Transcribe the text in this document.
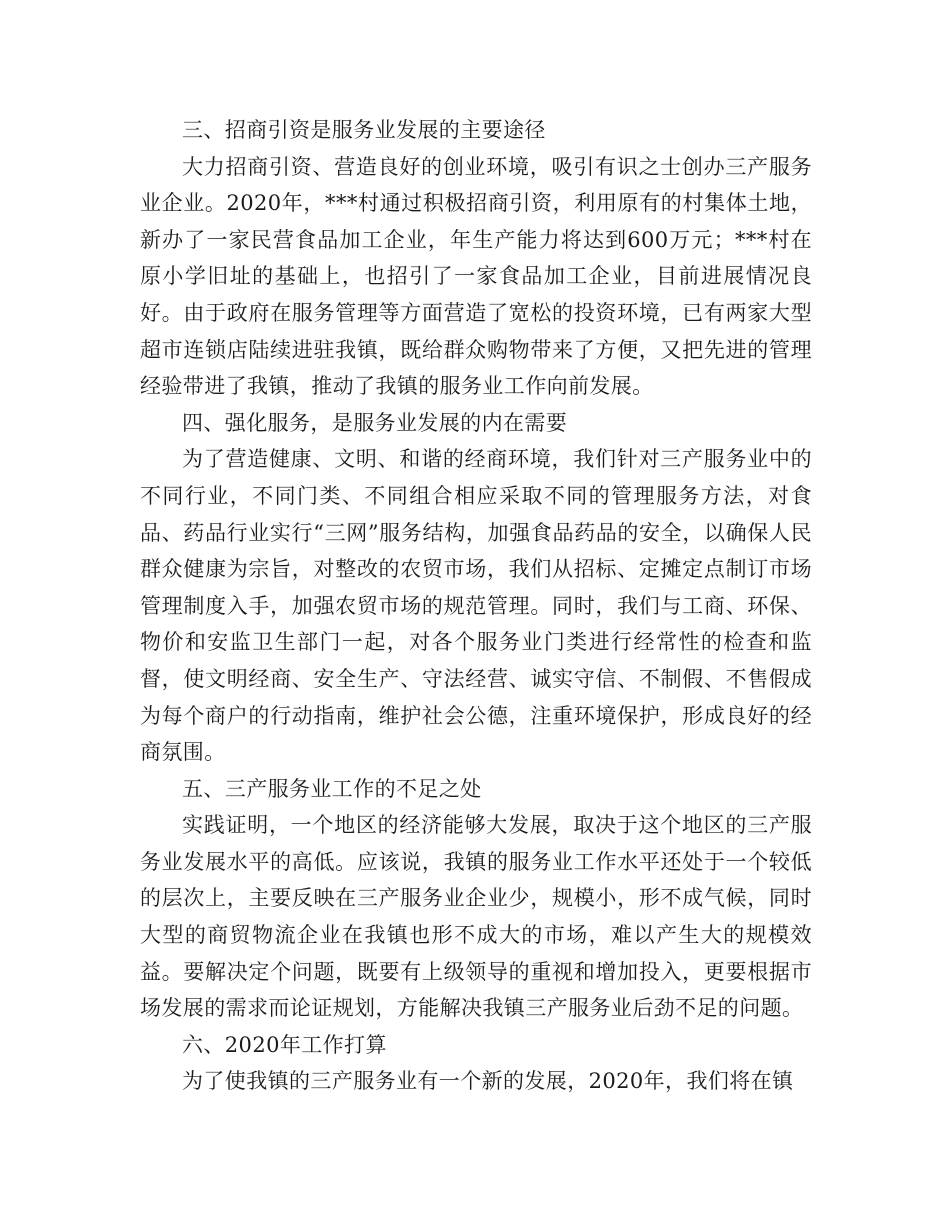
三、招商引资是服务业发展的主要途径

大力招商引资、营造良好的创业环境，吸引有识之士创办三产服务业企业。2020年，***村通过积极招商引资，利用原有的村集体土地，新办了一家民营食品加工企业，年生产能力将达到600万元；***村在原小学旧址的基础上，也招引了一家食品加工企业，目前进展情况良好。由于政府在服务管理等方面营造了宽松的投资环境，已有两家大型超市连锁店陆续进驻我镇，既给群众购物带来了方便，又把先进的管理经验带进了我镇，推动了我镇的服务业工作向前发展。

四、强化服务，是服务业发展的内在需要

为了营造健康、文明、和谐的经商环境，我们针对三产服务业中的不同行业，不同门类、不同组合相应采取不同的管理服务方法，对食品、药品行业实行“三网”服务结构，加强食品药品的安全，以确保人民群众健康为宗旨，对整改的农贸市场，我们从招标、定摊定点制订市场管理制度入手，加强农贸市场的规范管理。同时，我们与工商、环保、物价和安监卫生部门一起，对各个服务业门类进行经常性的检查和监督，使文明经商、安全生产、守法经营、诚实守信、不制假、不售假成为每个商户的行动指南，维护社会公德，注重环境保护，形成良好的经商氛围。

五、三产服务业工作的不足之处

实践证明，一个地区的经济能够大发展，取决于这个地区的三产服务业发展水平的高低。应该说，我镇的服务业工作水平还处于一个较低的层次上，主要反映在三产服务业企业少，规模小，形不成气候，同时大型的商贸物流企业在我镇也形不成大的市场，难以产生大的规模效益。要解决定个问题，既要有上级领导的重视和增加投入，更要根据市场发展的需求而论证规划，方能解决我镇三产服务业后劲不足的问题。

六、2020年工作打算

为了使我镇的三产服务业有一个新的发展，2020年，我们将在镇
